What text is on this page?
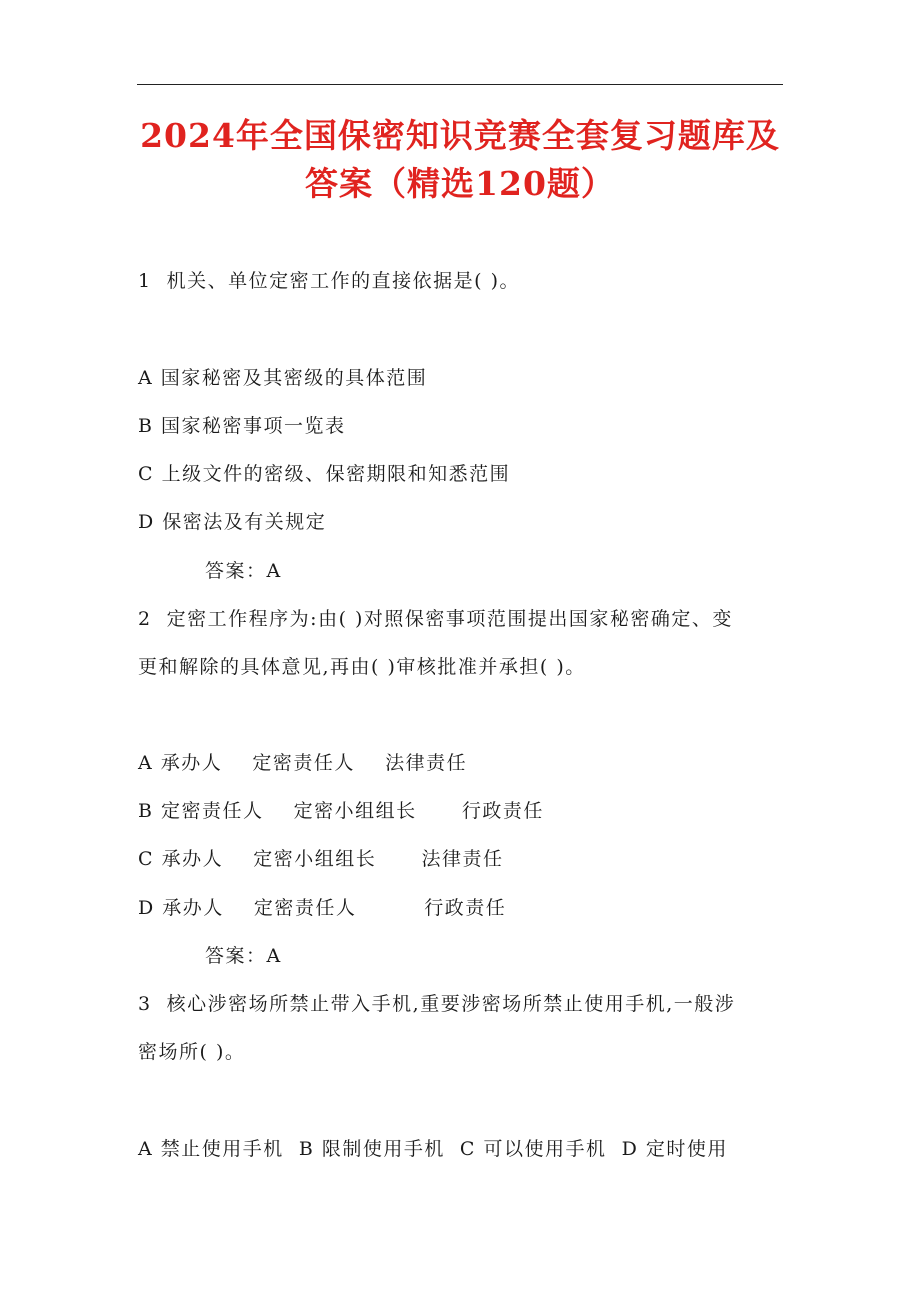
2024年全国保密知识竞赛全套复习题库及
答案（精选120题）

1  机关、单位定密工作的直接依据是( )。

A 国家秘密及其密级的具体范围

B 国家秘密事项一览表

C 上级文件的密级、保密期限和知悉范围

D 保密法及有关规定

答案：A

2  定密工作程序为:由( )对照保密事项范围提出国家秘密确定、变

更和解除的具体意见,再由( )审核批准并承担( )。

A 承办人    定密责任人    法律责任

B 定密责任人    定密小组组长      行政责任

C 承办人    定密小组组长      法律责任

D 承办人    定密责任人         行政责任

答案：A

3  核心涉密场所禁止带入手机,重要涉密场所禁止使用手机,一般涉

密场所( )。

A 禁止使用手机  B 限制使用手机  C 可以使用手机  D 定时使用
